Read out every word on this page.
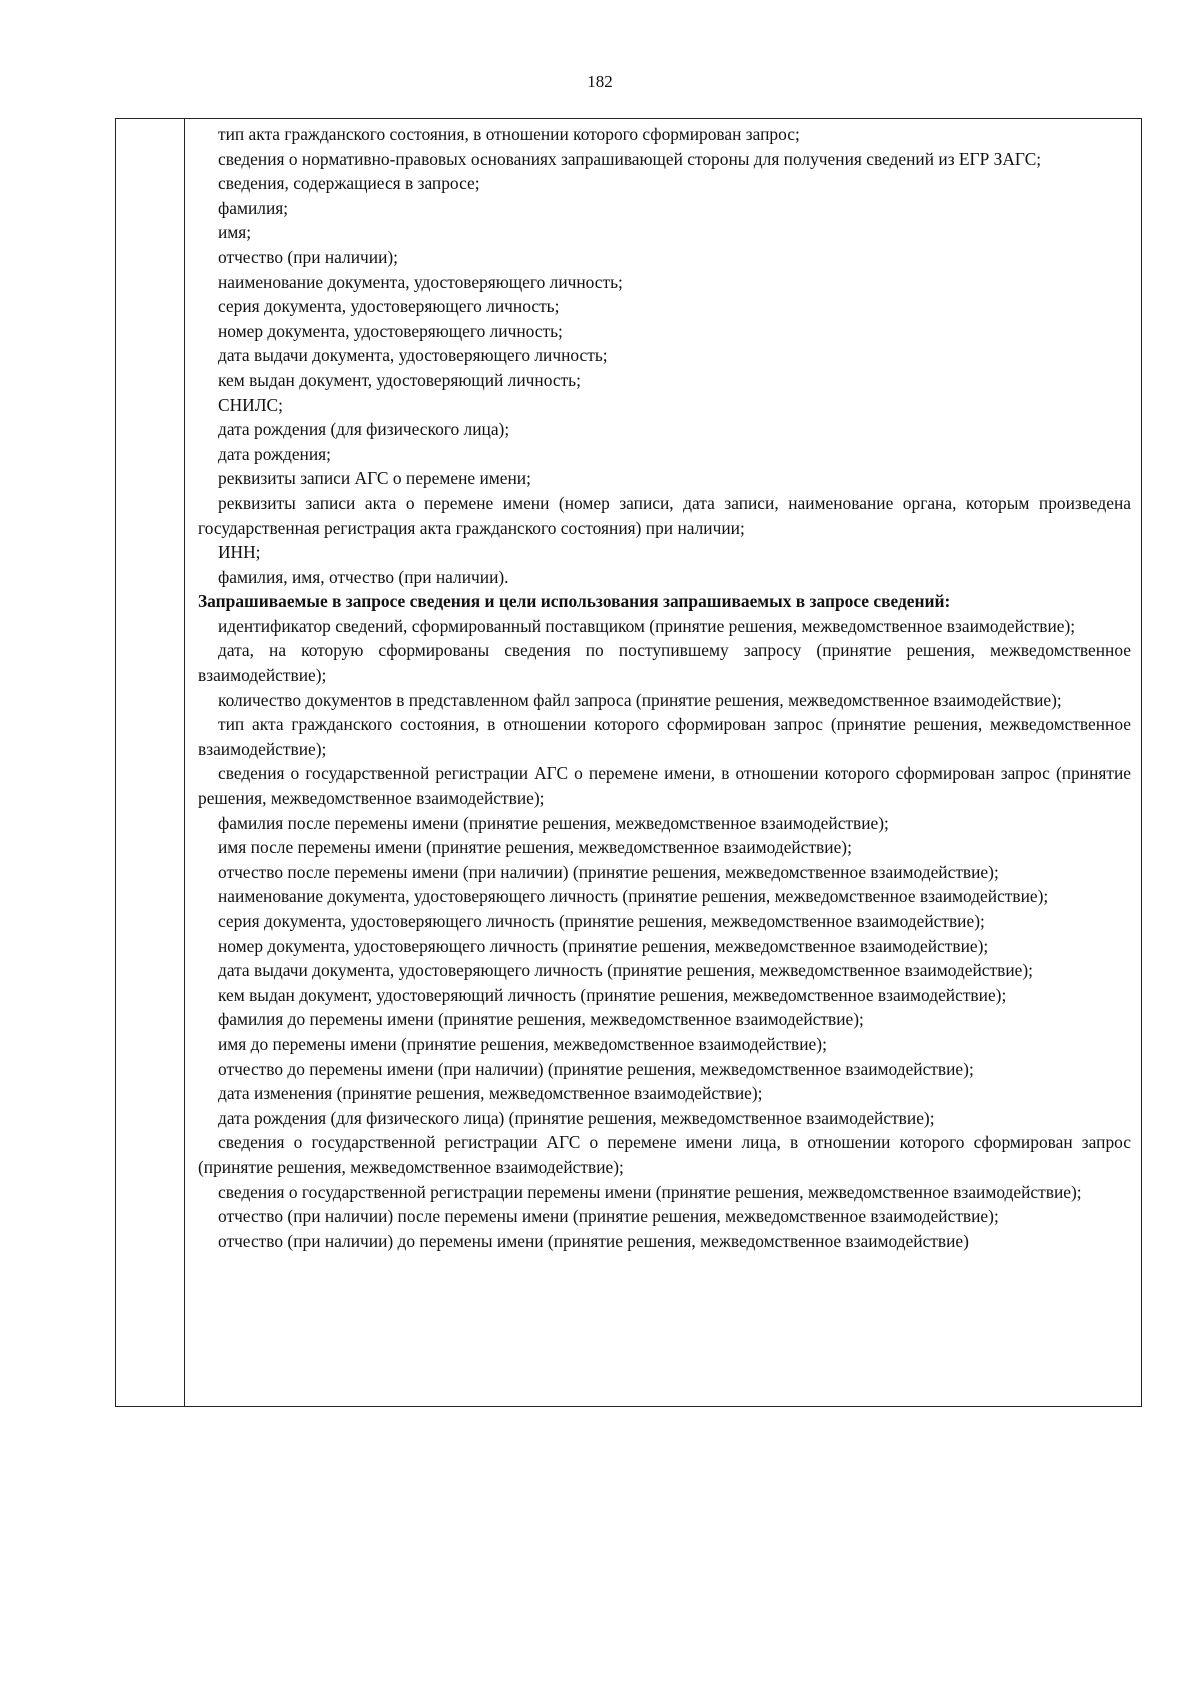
182

тип акта гражданского состояния, в отношении которого сформирован запрос;

сведения о нормативно-правовых основаниях запрашивающей стороны для получения сведений из ЕГР ЗАГС;

сведения, содержащиеся в запросе;

фамилия;

имя;

отчество (при наличии);

наименование документа, удостоверяющего личность;

серия документа, удостоверяющего личность;

номер документа, удостоверяющего личность;

дата выдачи документа, удостоверяющего личность;

кем выдан документ, удостоверяющий личность;

СНИЛС;

дата рождения (для физического лица);

дата рождения;

реквизиты записи АГС о перемене имени;

реквизиты записи акта о перемене имени (номер записи, дата записи, наименование органа, которым произведена государственная регистрация акта гражданского состояния) при наличии;

ИНН;

фамилия, имя, отчество (при наличии).

Запрашиваемые в запросе сведения и цели использования запрашиваемых в запросе сведений:

идентификатор сведений, сформированный поставщиком (принятие решения, межведомственное взаимодействие);

дата, на которую сформированы сведения по поступившему запросу (принятие решения, межведомственное взаимодействие);

количество документов в представленном файл запроса (принятие решения, межведомственное взаимодействие);

тип акта гражданского состояния, в отношении которого сформирован запрос (принятие решения, межведомственное взаимодействие);

сведения о государственной регистрации АГС о перемене имени, в отношении которого сформирован запрос (принятие решения, межведомственное взаимодействие);

фамилия после перемены имени (принятие решения, межведомственное взаимодействие);

имя после перемены имени (принятие решения, межведомственное взаимодействие);

отчество после перемены имени (при наличии) (принятие решения, межведомственное взаимодействие);

наименование документа, удостоверяющего личность (принятие решения, межведомственное взаимодействие);

серия документа, удостоверяющего личность (принятие решения, межведомственное взаимодействие);

номер документа, удостоверяющего личность (принятие решения, межведомственное взаимодействие);

дата выдачи документа, удостоверяющего личность (принятие решения, межведомственное взаимодействие);

кем выдан документ, удостоверяющий личность (принятие решения, межведомственное взаимодействие);

фамилия до перемены имени (принятие решения, межведомственное взаимодействие);

имя до перемены имени (принятие решения, межведомственное взаимодействие);

отчество до перемены имени (при наличии) (принятие решения, межведомственное взаимодействие);

дата изменения (принятие решения, межведомственное взаимодействие);

дата рождения (для физического лица) (принятие решения, межведомственное взаимодействие);

сведения о государственной регистрации АГС о перемене имени лица, в отношении которого сформирован запрос (принятие решения, межведомственное взаимодействие);

сведения о государственной регистрации перемены имени (принятие решения, межведомственное взаимодействие);

отчество (при наличии) после перемены имени (принятие решения, межведомственное взаимодействие);

отчество (при наличии) до перемены имени (принятие решения, межведомственное взаимодействие)
